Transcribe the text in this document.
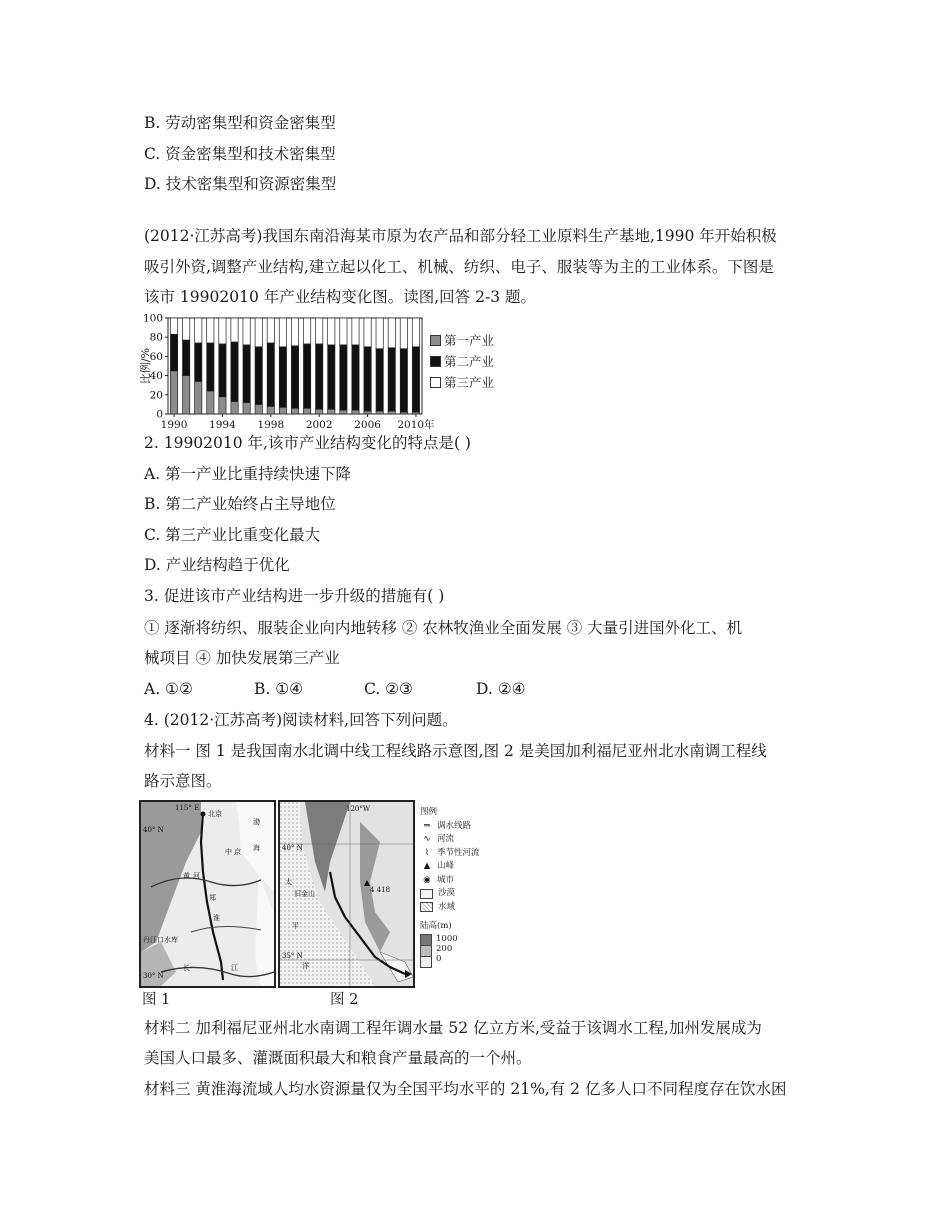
B. 劳动密集型和资金密集型
C. 资金密集型和技术密集型
D. 技术密集型和资源密集型
(2012·江苏高考)我国东南沿海某市原为农产品和部分轻工业原料生产基地,1990 年开始积极
吸引外资,调整产业结构,建立起以化工、机械、纺织、电子、服装等为主的工业体系。下图是
该市 19902010 年产业结构变化图。读图,回答 2-3 题。
0
20
40
60
80
100
比例/%
1990 1994 1998 2002 2006 2010年
第一产业
第二产业
第三产业
2. 19902010 年,该市产业结构变化的特点是( )
A. 第一产业比重持续快速下降
B. 第二产业始终占主导地位
C. 第三产业比重变化最大
D. 产业结构趋于优化
3. 促进该市产业结构进一步升级的措施有( )
① 逐渐将纺织、服装企业向内地转移 ② 农林牧渔业全面发展 ③ 大量引进国外化工、机
械项目 ④ 加快发展第三产业
A. ①②	B. ①④	C. ②③	D. ②④
4. (2012·江苏高考)阅读材料,回答下列问题。
材料一 图 1 是我国南水北调中线工程线路示意图,图 2 是美国加利福尼亚州北水南调工程线
路示意图。
115° E
北京
40° N
渤
中 京 海
黄 河
淮
郑
丹江口水库
长	江
30° N
120°W
40° N
太
旧金山	4 418
平
洋
35° N
图例
⇒ 调水线路
∿ 河流
⌇ 季节性河流
▲ 山峰
◉ 城市
沙漠
水域
陆高(m)
1000
200
0
图 1	图 2
材料二 加利福尼亚州北水南调工程年调水量 52 亿立方米,受益于该调水工程,加州发展成为
美国人口最多、灌溉面积最大和粮食产量最高的一个州。
材料三 黄淮海流域人均水资源量仅为全国平均水平的 21%,有 2 亿多人口不同程度存在饮水困
